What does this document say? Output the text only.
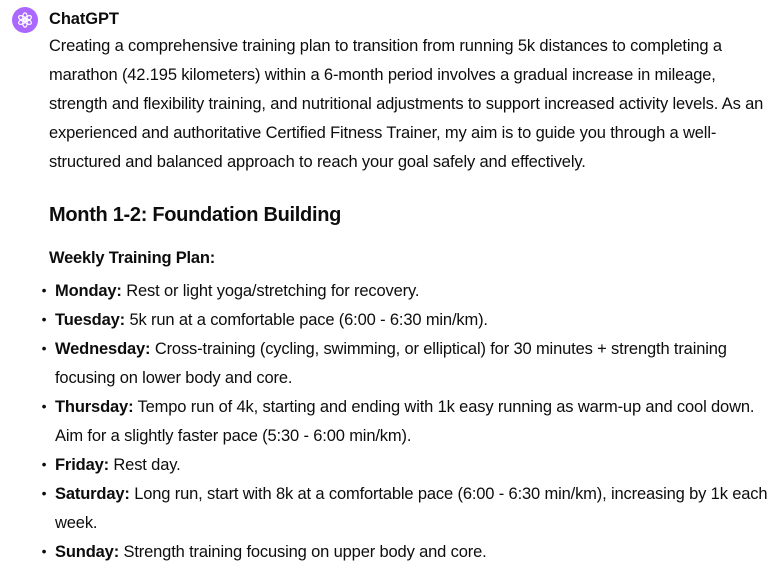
ChatGPT

Creating a comprehensive training plan to transition from running 5k distances to completing a marathon (42.195 kilometers) within a 6-month period involves a gradual increase in mileage, strength and flexibility training, and nutritional adjustments to support increased activity levels. As an experienced and authoritative Certified Fitness Trainer, my aim is to guide you through a well-structured and balanced approach to reach your goal safely and effectively.

Month 1-2: Foundation Building
Weekly Training Plan:
• Monday: Rest or light yoga/stretching for recovery.
• Tuesday: 5k run at a comfortable pace (6:00 - 6:30 min/km).
• Wednesday: Cross-training (cycling, swimming, or elliptical) for 30 minutes + strength training focusing on lower body and core.
• Thursday: Tempo run of 4k, starting and ending with 1k easy running as warm-up and cool down. Aim for a slightly faster pace (5:30 - 6:00 min/km).
• Friday: Rest day.
• Saturday: Long run, start with 8k at a comfortable pace (6:00 - 6:30 min/km), increasing by 1k each week.
• Sunday: Strength training focusing on upper body and core.
